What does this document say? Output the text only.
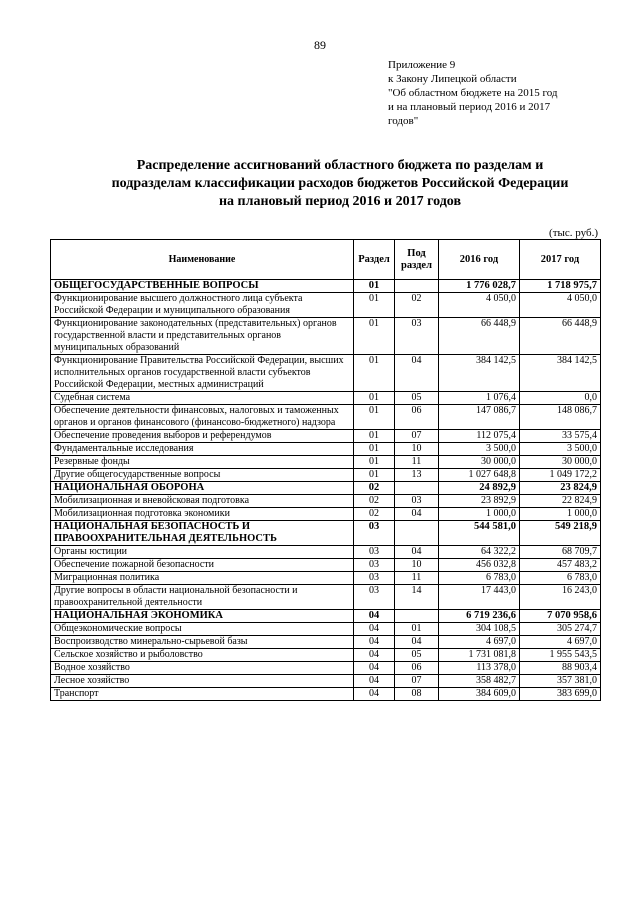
89
Приложение 9
к Закону Липецкой области
"Об областном бюджете на 2015 год
и на плановый период 2016 и 2017
годов"
Распределение ассигнований областного бюджета по разделам и
подразделам классификации расходов бюджетов Российской Федерации
на плановый период 2016 и 2017 годов
(тыс. руб.)
Наименование	Раздел	Под раздел	2016 год	2017 год
ОБЩЕГОСУДАРСТВЕННЫЕ ВОПРОСЫ	01		1 776 028,7	1 718 975,7
Функционирование высшего должностного лица субъекта Российской Федерации и муниципального образования	01	02	4 050,0	4 050,0
Функционирование законодательных (представительных) органов государственной власти и представительных органов муниципальных образований	01	03	66 448,9	66 448,9
Функционирование Правительства Российской Федерации, высших исполнительных органов государственной власти субъектов Российской Федерации, местных администраций	01	04	384 142,5	384 142,5
Судебная система	01	05	1 076,4	0,0
Обеспечение деятельности финансовых, налоговых и таможенных органов и органов финансового (финансово-бюджетного) надзора	01	06	147 086,7	148 086,7
Обеспечение проведения выборов и референдумов	01	07	112 075,4	33 575,4
Фундаментальные исследования	01	10	3 500,0	3 500,0
Резервные фонды	01	11	30 000,0	30 000,0
Другие общегосударственные вопросы	01	13	1 027 648,8	1 049 172,2
НАЦИОНАЛЬНАЯ ОБОРОНА	02		24 892,9	23 824,9
Мобилизационная и вневойсковая подготовка	02	03	23 892,9	22 824,9
Мобилизационная подготовка экономики	02	04	1 000,0	1 000,0
НАЦИОНАЛЬНАЯ БЕЗОПАСНОСТЬ И ПРАВООХРАНИТЕЛЬНАЯ ДЕЯТЕЛЬНОСТЬ	03		544 581,0	549 218,9
Органы юстиции	03	04	64 322,2	68 709,7
Обеспечение пожарной безопасности	03	10	456 032,8	457 483,2
Миграционная политика	03	11	6 783,0	6 783,0
Другие вопросы в области национальной безопасности и правоохранительной деятельности	03	14	17 443,0	16 243,0
НАЦИОНАЛЬНАЯ ЭКОНОМИКА	04		6 719 236,6	7 070 958,6
Общеэкономические вопросы	04	01	304 108,5	305 274,7
Воспроизводство минерально-сырьевой базы	04	04	4 697,0	4 697,0
Сельское хозяйство и рыболовство	04	05	1 731 081,8	1 955 543,5
Водное хозяйство	04	06	113 378,0	88 903,4
Лесное хозяйство	04	07	358 482,7	357 381,0
Транспорт	04	08	384 609,0	383 699,0
